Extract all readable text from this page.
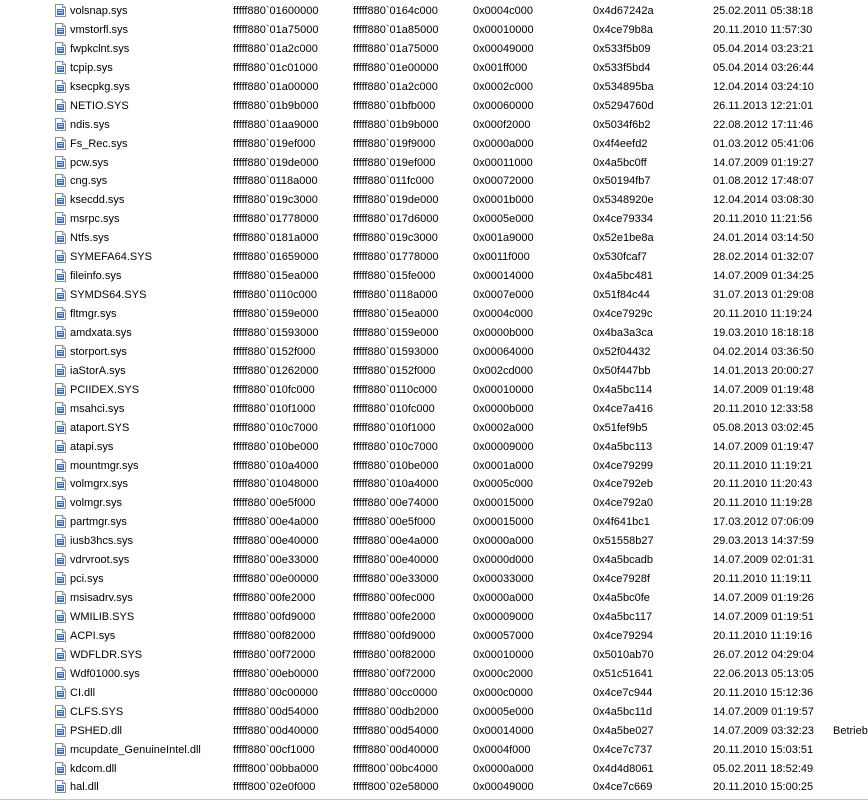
volsnap.sys	fffff880`01600000	fffff880`0164c000	0x0004c000	0x4d67242a	25.02.2011 05:38:18
vmstorfl.sys	fffff880`01a75000	fffff880`01a85000	0x00010000	0x4ce79b8a	20.11.2010 11:57:30
fwpkclnt.sys	fffff880`01a2c000	fffff880`01a75000	0x00049000	0x533f5b09	05.04.2014 03:23:21
tcpip.sys	fffff880`01c01000	fffff880`01e00000	0x001ff000	0x533f5bd4	05.04.2014 03:26:44
ksecpkg.sys	fffff880`01a00000	fffff880`01a2c000	0x0002c000	0x534895ba	12.04.2014 03:24:10
NETIO.SYS	fffff880`01b9b000	fffff880`01bfb000	0x00060000	0x5294760d	26.11.2013 12:21:01
ndis.sys	fffff880`01aa9000	fffff880`01b9b000	0x000f2000	0x5034f6b2	22.08.2012 17:11:46
Fs_Rec.sys	fffff880`019ef000	fffff880`019f9000	0x0000a000	0x4f4eefd2	01.03.2012 05:41:06
pcw.sys	fffff880`019de000	fffff880`019ef000	0x00011000	0x4a5bc0ff	14.07.2009 01:19:27
cng.sys	fffff880`0118a000	fffff880`011fc000	0x00072000	0x50194fb7	01.08.2012 17:48:07
ksecdd.sys	fffff880`019c3000	fffff880`019de000	0x0001b000	0x5348920e	12.04.2014 03:08:30
msrpc.sys	fffff880`01778000	fffff880`017d6000	0x0005e000	0x4ce79334	20.11.2010 11:21:56
Ntfs.sys	fffff880`0181a000	fffff880`019c3000	0x001a9000	0x52e1be8a	24.01.2014 03:14:50
SYMEFA64.SYS	fffff880`01659000	fffff880`01778000	0x0011f000	0x530fcaf7	28.02.2014 01:32:07
fileinfo.sys	fffff880`015ea000	fffff880`015fe000	0x00014000	0x4a5bc481	14.07.2009 01:34:25
SYMDS64.SYS	fffff880`0110c000	fffff880`0118a000	0x0007e000	0x51f84c44	31.07.2013 01:29:08
fltmgr.sys	fffff880`0159e000	fffff880`015ea000	0x0004c000	0x4ce7929c	20.11.2010 11:19:24
amdxata.sys	fffff880`01593000	fffff880`0159e000	0x0000b000	0x4ba3a3ca	19.03.2010 18:18:18
storport.sys	fffff880`0152f000	fffff880`01593000	0x00064000	0x52f04432	04.02.2014 03:36:50
iaStorA.sys	fffff880`01262000	fffff880`0152f000	0x002cd000	0x50f447bb	14.01.2013 20:00:27
PCIIDEX.SYS	fffff880`010fc000	fffff880`0110c000	0x00010000	0x4a5bc114	14.07.2009 01:19:48
msahci.sys	fffff880`010f1000	fffff880`010fc000	0x0000b000	0x4ce7a416	20.11.2010 12:33:58
ataport.SYS	fffff880`010c7000	fffff880`010f1000	0x0002a000	0x51fef9b5	05.08.2013 03:02:45
atapi.sys	fffff880`010be000	fffff880`010c7000	0x00009000	0x4a5bc113	14.07.2009 01:19:47
mountmgr.sys	fffff880`010a4000	fffff880`010be000	0x0001a000	0x4ce79299	20.11.2010 11:19:21
volmgrx.sys	fffff880`01048000	fffff880`010a4000	0x0005c000	0x4ce792eb	20.11.2010 11:20:43
volmgr.sys	fffff880`00e5f000	fffff880`00e74000	0x00015000	0x4ce792a0	20.11.2010 11:19:28
partmgr.sys	fffff880`00e4a000	fffff880`00e5f000	0x00015000	0x4f641bc1	17.03.2012 07:06:09
iusb3hcs.sys	fffff880`00e40000	fffff880`00e4a000	0x0000a000	0x51558b27	29.03.2013 14:37:59
vdrvroot.sys	fffff880`00e33000	fffff880`00e40000	0x0000d000	0x4a5bcadb	14.07.2009 02:01:31
pci.sys	fffff880`00e00000	fffff880`00e33000	0x00033000	0x4ce7928f	20.11.2010 11:19:11
msisadrv.sys	fffff880`00fe2000	fffff880`00fec000	0x0000a000	0x4a5bc0fe	14.07.2009 01:19:26
WMILIB.SYS	fffff880`00fd9000	fffff880`00fe2000	0x00009000	0x4a5bc117	14.07.2009 01:19:51
ACPI.sys	fffff880`00f82000	fffff880`00fd9000	0x00057000	0x4ce79294	20.11.2010 11:19:16
WDFLDR.SYS	fffff880`00f72000	fffff880`00f82000	0x00010000	0x5010ab70	26.07.2012 04:29:04
Wdf01000.sys	fffff880`00eb0000	fffff880`00f72000	0x000c2000	0x51c51641	22.06.2013 05:13:05
CI.dll	fffff880`00c00000	fffff880`00cc0000	0x000c0000	0x4ce7c944	20.11.2010 15:12:36
CLFS.SYS	fffff880`00d54000	fffff880`00db2000	0x0005e000	0x4a5bc11d	14.07.2009 01:19:57
PSHED.dll	fffff880`00d40000	fffff880`00d54000	0x00014000	0x4a5be027	14.07.2009 03:32:23 Betrieb
mcupdate_GenuineIntel.dll	fffff880`00cf1000	fffff880`00d40000	0x0004f000	0x4ce7c737	20.11.2010 15:03:51
kdcom.dll	fffff800`00bba000	fffff800`00bc4000	0x0000a000	0x4d4d8061	05.02.2011 18:52:49
hal.dll	fffff800`02e0f000	fffff800`02e58000	0x00049000	0x4ce7c669	20.11.2010 15:00:25
